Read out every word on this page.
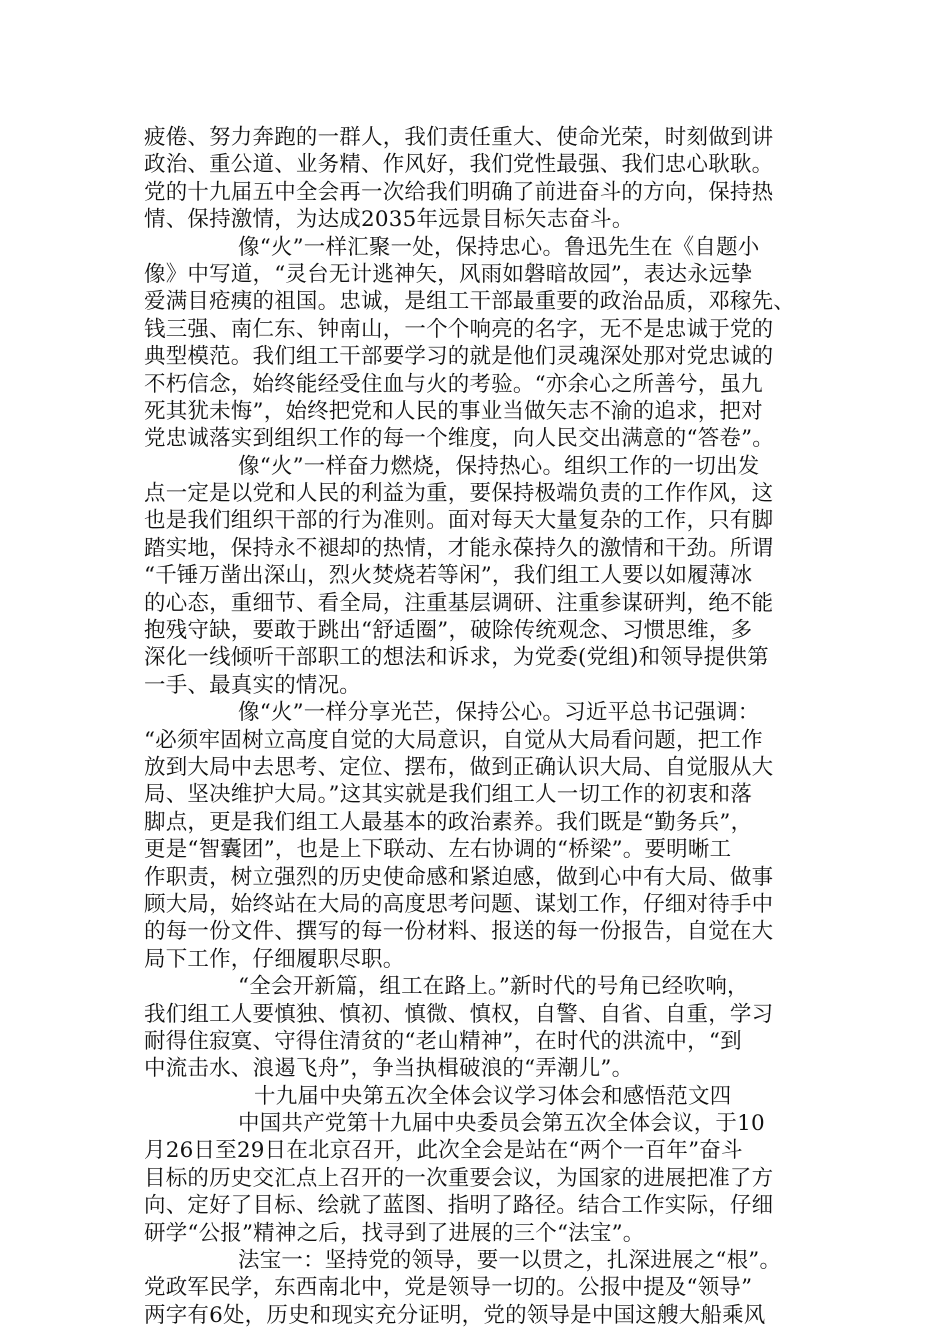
疲倦、努力奔跑的一群人，我们责任重大、使命光荣，时刻做到讲
政治、重公道、业务精、作风好，我们党性最强、我们忠心耿耿。
党的十九届五中全会再一次给我们明确了前进奋斗的方向，保持热
情、保持激情，为达成2035年远景目标矢志奋斗。
像“火”一样汇聚一处，保持忠心。鲁迅先生在《自题小
像》中写道，“灵台无计逃神矢，风雨如磐暗故园”，表达永远挚
爱满目疮痍的祖国。忠诚，是组工干部最重要的政治品质，邓稼先、
钱三强、南仁东、钟南山，一个个响亮的名字，无不是忠诚于党的
典型模范。我们组工干部要学习的就是他们灵魂深处那对党忠诚的
不朽信念，始终能经受住血与火的考验。“亦余心之所善兮，虽九
死其犹未悔”，始终把党和人民的事业当做矢志不渝的追求，把对
党忠诚落实到组织工作的每一个维度，向人民交出满意的“答卷”。
像“火”一样奋力燃烧，保持热心。组织工作的一切出发
点一定是以党和人民的利益为重，要保持极端负责的工作作风，这
也是我们组织干部的行为准则。面对每天大量复杂的工作，只有脚
踏实地，保持永不褪却的热情，才能永葆持久的激情和干劲。所谓
“千锤万凿出深山，烈火焚烧若等闲”，我们组工人要以如履薄冰
的心态，重细节、看全局，注重基层调研、注重参谋研判，绝不能
抱残守缺，要敢于跳出“舒适圈”，破除传统观念、习惯思维，多
深化一线倾听干部职工的想法和诉求，为党委(党组)和领导提供第
一手、最真实的情况。
像“火”一样分享光芒，保持公心。习近平总书记强调：
“必须牢固树立高度自觉的大局意识，自觉从大局看问题，把工作
放到大局中去思考、定位、摆布，做到正确认识大局、自觉服从大
局、坚决维护大局。”这其实就是我们组工人一切工作的初衷和落
脚点，更是我们组工人最基本的政治素养。我们既是“勤务兵”，
更是“智囊团”，也是上下联动、左右协调的“桥梁”。要明晰工
作职责，树立强烈的历史使命感和紧迫感，做到心中有大局、做事
顾大局，始终站在大局的高度思考问题、谋划工作，仔细对待手中
的每一份文件、撰写的每一份材料、报送的每一份报告，自觉在大
局下工作，仔细履职尽职。
“全会开新篇，组工在路上。”新时代的号角已经吹响，
我们组工人要慎独、慎初、慎微、慎权，自警、自省、自重，学习
耐得住寂寞、守得住清贫的“老山精神”，在时代的洪流中，“到
中流击水、浪遏飞舟”，争当执楫破浪的“弄潮儿”。
十九届中央第五次全体会议学习体会和感悟范文四
中国共产党第十九届中央委员会第五次全体会议，于10
月26日至29日在北京召开，此次全会是站在“两个一百年”奋斗
目标的历史交汇点上召开的一次重要会议，为国家的进展把准了方
向、定好了目标、绘就了蓝图、指明了路径。结合工作实际，仔细
研学“公报”精神之后，找寻到了进展的三个“法宝”。
法宝一：坚持党的领导，要一以贯之，扎深进展之“根”。
党政军民学，东西南北中，党是领导一切的。公报中提及“领导”
两字有6处，历史和现实充分证明，党的领导是中国这艘大船乘风
